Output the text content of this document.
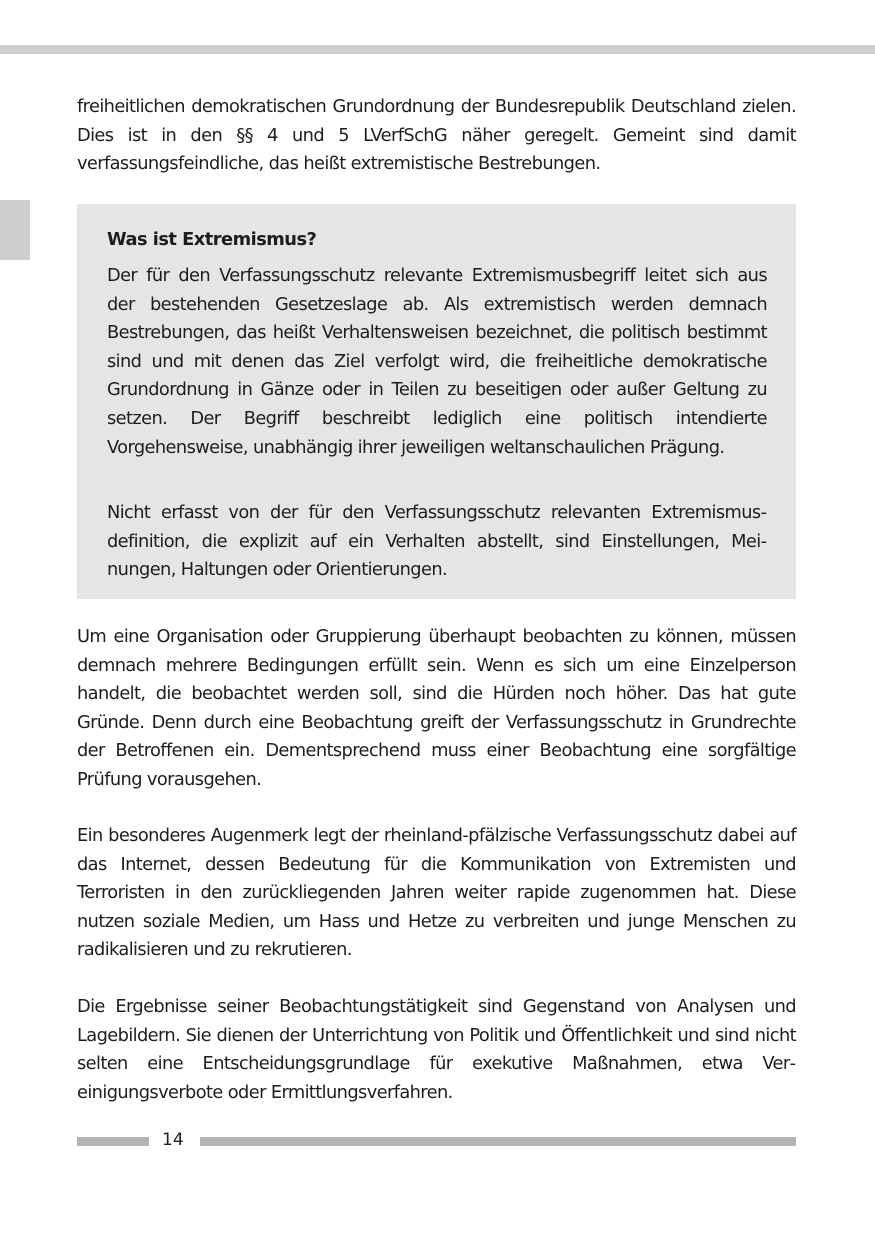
freiheitlichen demokratischen Grundordnung der Bundesrepublik Deutschland zielen. Dies ist in den §§ 4 und 5 LVerfSchG näher geregelt. Gemeint sind damit verfassungsfeindliche, das heißt extremistische Bestrebungen.

Was ist Extremismus?

Der für den Verfassungsschutz relevante Extremismusbegriff leitet sich aus der bestehenden Gesetzeslage ab. Als extremistisch werden demnach Bestrebungen, das heißt Verhaltensweisen bezeichnet, die politisch bestimmt sind und mit denen das Ziel verfolgt wird, die freiheitliche demokratische Grundordnung in Gänze oder in Teilen zu beseitigen oder außer Geltung zu setzen. Der Begriff beschreibt lediglich eine politisch intendierte Vorgehensweise, unabhängig ihrer jeweiligen weltanschaulichen Prägung.

Nicht erfasst von der für den Verfassungsschutz relevanten Extremismusdefinition, die explizit auf ein Verhalten abstellt, sind Einstellungen, Meinungen, Haltungen oder Orientierungen.

Um eine Organisation oder Gruppierung überhaupt beobachten zu können, müssen demnach mehrere Bedingungen erfüllt sein. Wenn es sich um eine Einzelperson handelt, die beobachtet werden soll, sind die Hürden noch höher. Das hat gute Gründe. Denn durch eine Beobachtung greift der Verfassungsschutz in Grundrechte der Betroffenen ein. Dementsprechend muss einer Beobachtung eine sorgfältige Prüfung vorausgehen.

Ein besonderes Augenmerk legt der rheinland-pfälzische Verfassungsschutz dabei auf das Internet, dessen Bedeutung für die Kommunikation von Extremisten und Terroristen in den zurückliegenden Jahren weiter rapide zugenommen hat. Diese nutzen soziale Medien, um Hass und Hetze zu verbreiten und junge Menschen zu radikalisieren und zu rekrutieren.

Die Ergebnisse seiner Beobachtungstätigkeit sind Gegenstand von Analysen und Lagebildern. Sie dienen der Unterrichtung von Politik und Öffentlichkeit und sind nicht selten eine Entscheidungsgrundlage für exekutive Maßnahmen, etwa Vereinigungsverbote oder Ermittlungsverfahren.

14
